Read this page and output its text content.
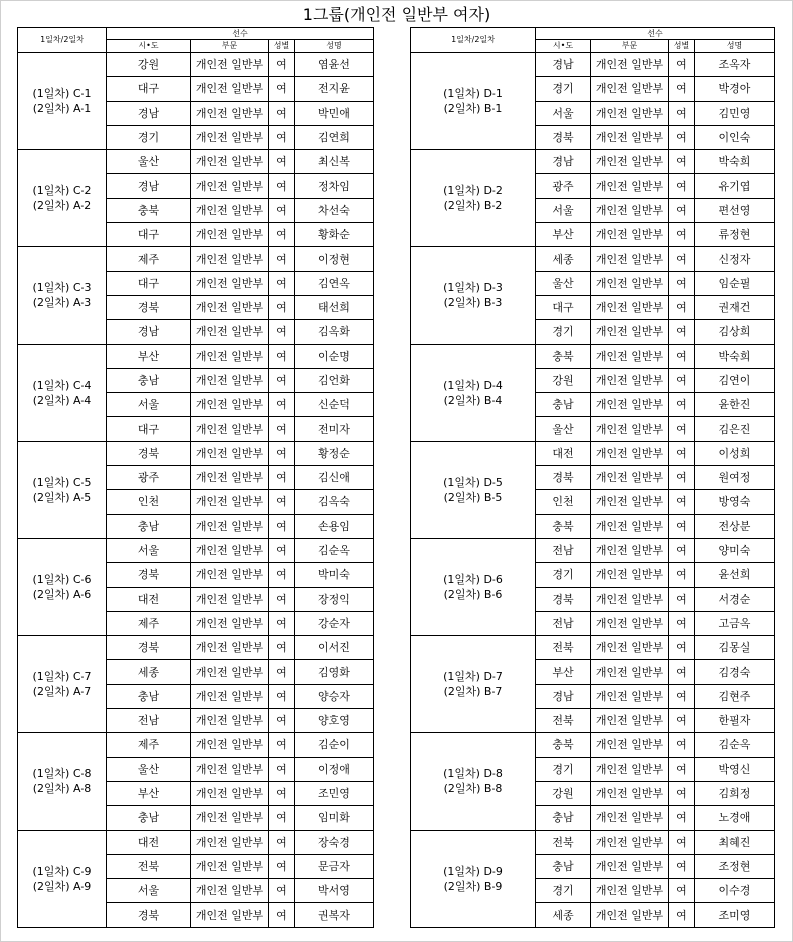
1그룹(개인전 일반부 여자)
1일차/2일차	선수			
	시•도	부문	성별	성명

(1일차) C-1
(2일차) A-1	강원	개인전 일반부	여	염윤선
	대구	개인전 일반부	여	전지윤
	경남	개인전 일반부	여	박민애
	경기	개인전 일반부	여	김연희

(1일차) C-2
(2일차) A-2	울산	개인전 일반부	여	최신복
	경남	개인전 일반부	여	정차임
	충북	개인전 일반부	여	차선숙
	대구	개인전 일반부	여	황화순

(1일차) C-3
(2일차) A-3	제주	개인전 일반부	여	이정현
	대구	개인전 일반부	여	김연옥
	경북	개인전 일반부	여	태선희
	경남	개인전 일반부	여	김옥화

(1일차) C-4
(2일차) A-4	부산	개인전 일반부	여	이순명
	충남	개인전 일반부	여	김언화
	서울	개인전 일반부	여	신순덕
	대구	개인전 일반부	여	전미자

(1일차) C-5
(2일차) A-5	경북	개인전 일반부	여	황정순
	광주	개인전 일반부	여	김신애
	인천	개인전 일반부	여	김옥숙
	충남	개인전 일반부	여	손용임

(1일차) C-6
(2일차) A-6	서울	개인전 일반부	여	김순옥
	경북	개인전 일반부	여	박미숙
	대전	개인전 일반부	여	장정익
	제주	개인전 일반부	여	강순자

(1일차) C-7
(2일차) A-7	경북	개인전 일반부	여	이서진
	세종	개인전 일반부	여	김영화
	충남	개인전 일반부	여	양승자
	전남	개인전 일반부	여	양호영

(1일차) C-8
(2일차) A-8	제주	개인전 일반부	여	김순이
	울산	개인전 일반부	여	이정애
	부산	개인전 일반부	여	조민영
	충남	개인전 일반부	여	임미화

(1일차) C-9
(2일차) A-9	대전	개인전 일반부	여	장숙경
	전북	개인전 일반부	여	문금자
	서울	개인전 일반부	여	박서영
	경북	개인전 일반부	여	권복자
1일차/2일차	선수			
	시•도	부문	성별	성명

(1일차) D-1
(2일차) B-1	경남	개인전 일반부	여	조옥자
	경기	개인전 일반부	여	박경아
	서울	개인전 일반부	여	김민영
	경북	개인전 일반부	여	이인숙

(1일차) D-2
(2일차) B-2	경남	개인전 일반부	여	박숙희
	광주	개인전 일반부	여	유기엽
	서울	개인전 일반부	여	편선영
	부산	개인전 일반부	여	류정현

(1일차) D-3
(2일차) B-3	세종	개인전 일반부	여	신정자
	울산	개인전 일반부	여	임순필
	대구	개인전 일반부	여	권재건
	경기	개인전 일반부	여	김상희

(1일차) D-4
(2일차) B-4	충북	개인전 일반부	여	박숙희
	강원	개인전 일반부	여	김연이
	충남	개인전 일반부	여	윤한진
	울산	개인전 일반부	여	김은진

(1일차) D-5
(2일차) B-5	대전	개인전 일반부	여	이성희
	경북	개인전 일반부	여	원여정
	인천	개인전 일반부	여	방영숙
	충북	개인전 일반부	여	전상분

(1일차) D-6
(2일차) B-6	전남	개인전 일반부	여	양미숙
	경기	개인전 일반부	여	윤선희
	경북	개인전 일반부	여	서경순
	전남	개인전 일반부	여	고금옥

(1일차) D-7
(2일차) B-7	전북	개인전 일반부	여	김몽실
	부산	개인전 일반부	여	김경숙
	경남	개인전 일반부	여	김현주
	전북	개인전 일반부	여	한필자

(1일차) D-8
(2일차) B-8	충북	개인전 일반부	여	김순옥
	경기	개인전 일반부	여	박영신
	강원	개인전 일반부	여	김희정
	충남	개인전 일반부	여	노경애

(1일차) D-9
(2일차) B-9	전북	개인전 일반부	여	최혜진
	충남	개인전 일반부	여	조정현
	경기	개인전 일반부	여	이수경
	세종	개인전 일반부	여	조미영
